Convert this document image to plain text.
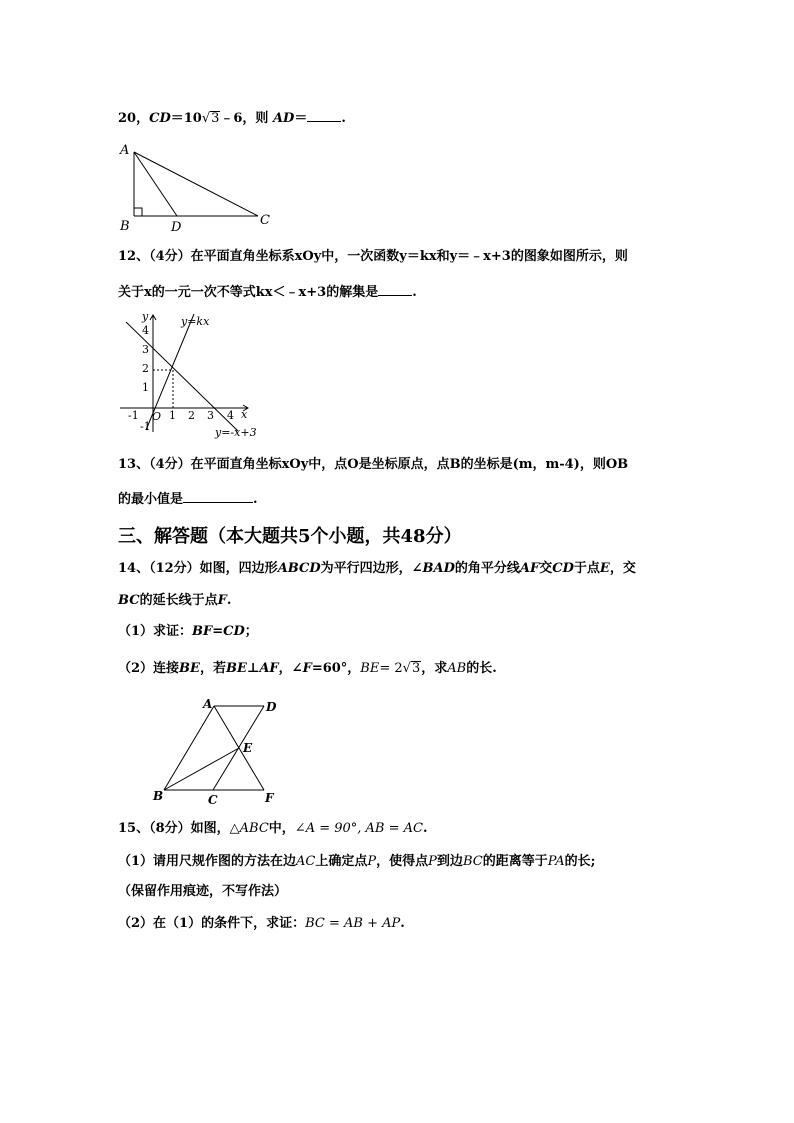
20，CD＝10√3﹣6，则 AD＝	.
A
B	C
D
12、（4分）在平面直角坐标系xOy中，一次函数y＝kx和y＝﹣x+3的图象如图所示，则
关于x的一元一次不等式kx＜﹣x+3的解集是	.
y
x
O
-1	1 2 3 4
4
3
2
1
-1
y=kx
y=-x+3
13、（4分）在平面直角坐标xOy中，点O是坐标原点，点B的坐标是(m，m-4)，则OB
的最小值是	.
三、解答题（本大题共5个小题，共48分）
14、（12分）如图，四边形ABCD为平行四边形，∠BAD的角平分线AF交CD于点E，交
BC的延长线于点F.
（1）求证：BF=CD；
（2）连接BE，若BE⊥AF，∠F=60°，BE= 2√3，求AB的长.
A
B	C
D
E
F
15、（8分）如图，△ABC中，∠A = 90°, AB = AC.
（1）请用尺规作图的方法在边AC上确定点P，使得点P到边BC的距离等于PA的长;
（保留作用痕迹，不写作法）
（2）在（1）的条件下，求证：BC = AB + AP.
